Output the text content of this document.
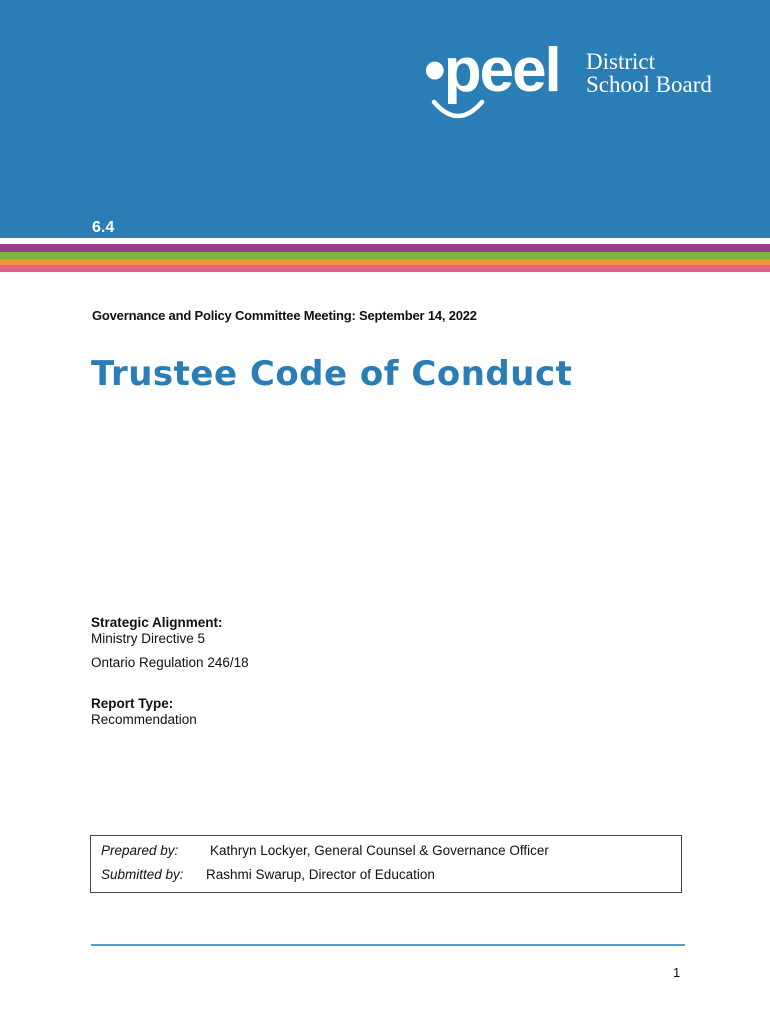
•peel District
School Board
6.4
Governance and Policy Committee Meeting: September 14, 2022
Trustee Code of Conduct
Strategic Alignment:
Ministry Directive 5
Ontario Regulation 246/18
Report Type:
Recommendation
Prepared by: Kathryn Lockyer, General Counsel & Governance Officer
Submitted by: Rashmi Swarup, Director of Education
1
